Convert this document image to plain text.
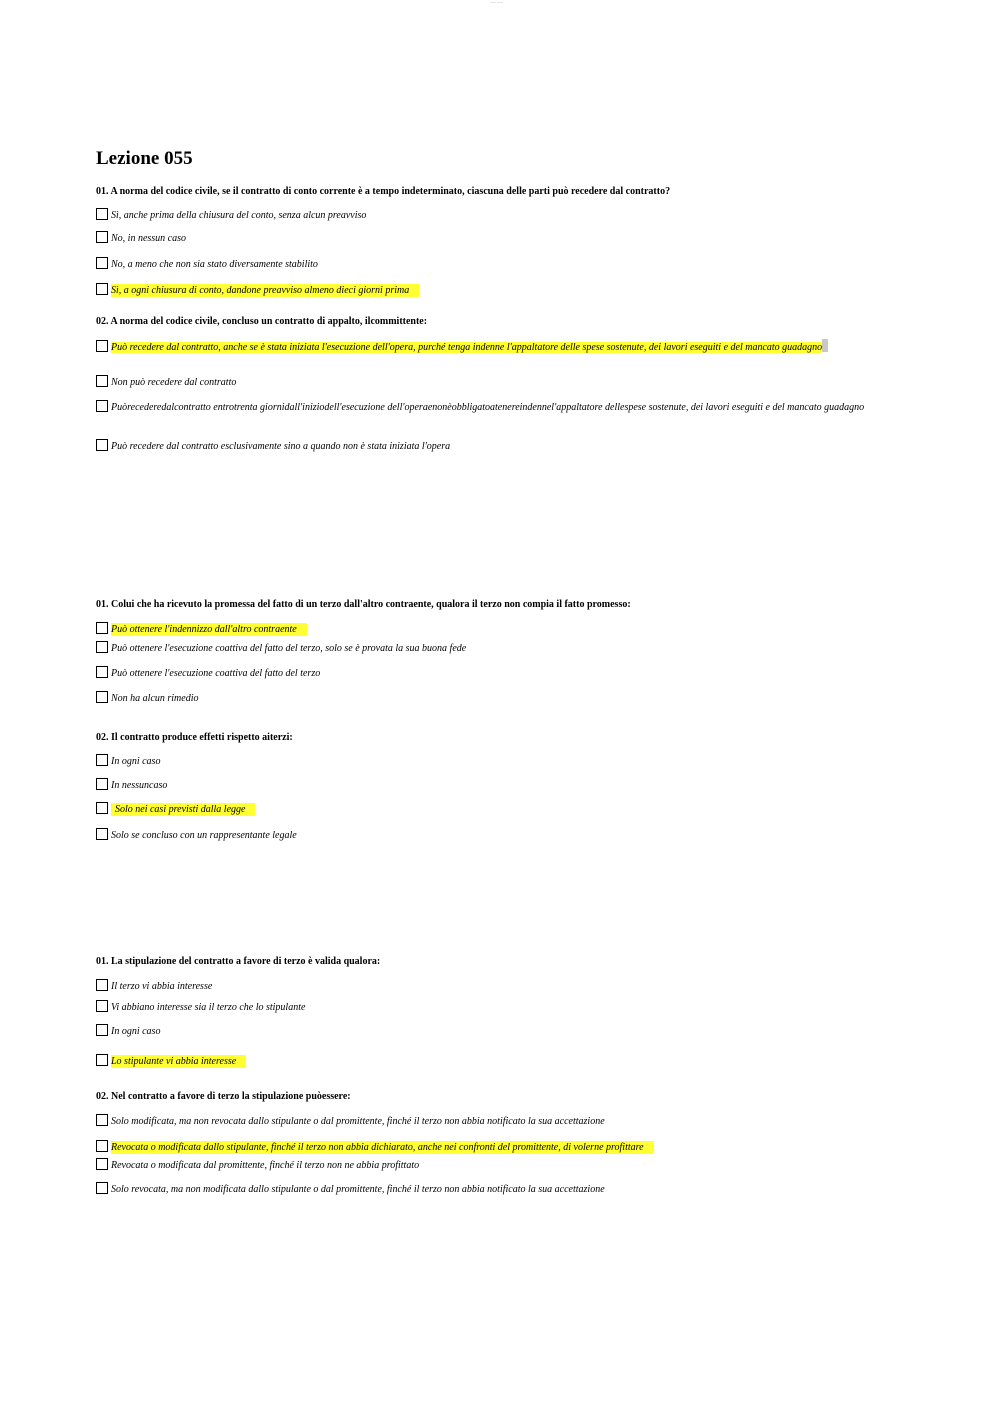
—— ——
Lezione 055
01. A norma del codice civile, se il contratto di conto corrente è a tempo indeterminato, ciascuna delle parti può recedere dal contratto?
Sì, anche prima della chiusura del conto, senza alcun preavviso
No, in nessun caso
No, a meno che non sia stato diversamente stabilito
Sì, a ogni chiusura di conto, dandone preavviso almeno dieci giorni prima
02. A norma del codice civile, concluso un contratto di appalto, ilcommittente:
Può recedere dal contratto, anche se è stata iniziata l'esecuzione dell'opera, purché tenga indenne l'appaltatore delle spese sostenute, dei lavori eseguiti e del mancato guadagno
Non può recedere dal contratto
Puòrecederedalcontratto entrotrenta giornidall'iniziodell'esecuzione dell'operaenonèobbligatoatenereindennel'appaltatore dellespese sostenute, dei lavori eseguiti e del mancato guadagno
Può recedere dal contratto esclusivamente sino a quando non è stata iniziata l'opera
01. Colui che ha ricevuto la promessa del fatto di un terzo dall'altro contraente, qualora il terzo non compia il fatto promesso:
Può ottenere l'indennizzo dall'altro contraente
Può ottenere l'esecuzione coattiva del fatto del terzo, solo se è provata la sua buona fede
Può ottenere l'esecuzione coattiva del fatto del terzo
Non ha alcun rimedio
02. Il contratto produce effetti rispetto aiterzi:
In ogni caso
In nessuncaso
Solo nei casi previsti dalla legge
Solo se concluso con un rappresentante legale
01. La stipulazione del contratto a favore di terzo è valida qualora:
Il terzo vi abbia interesse
Vi abbiano interesse sia il terzo che lo stipulante
In ogni caso
Lo stipulante vi abbia interesse
02. Nel contratto a favore di terzo la stipulazione puòessere:
Solo modificata, ma non revocata dallo stipulante o dal promittente, finché il terzo non abbia notificato la sua accettazione
Revocata o modificata dallo stipulante, finché il terzo non abbia dichiarato, anche nei confronti del promittente, di volerne profittare
Revocata o modificata dal promittente, finché il terzo non ne abbia profittato
Solo revocata, ma non modificata dallo stipulante o dal promittente, finché il terzo non abbia notificato la sua accettazione
